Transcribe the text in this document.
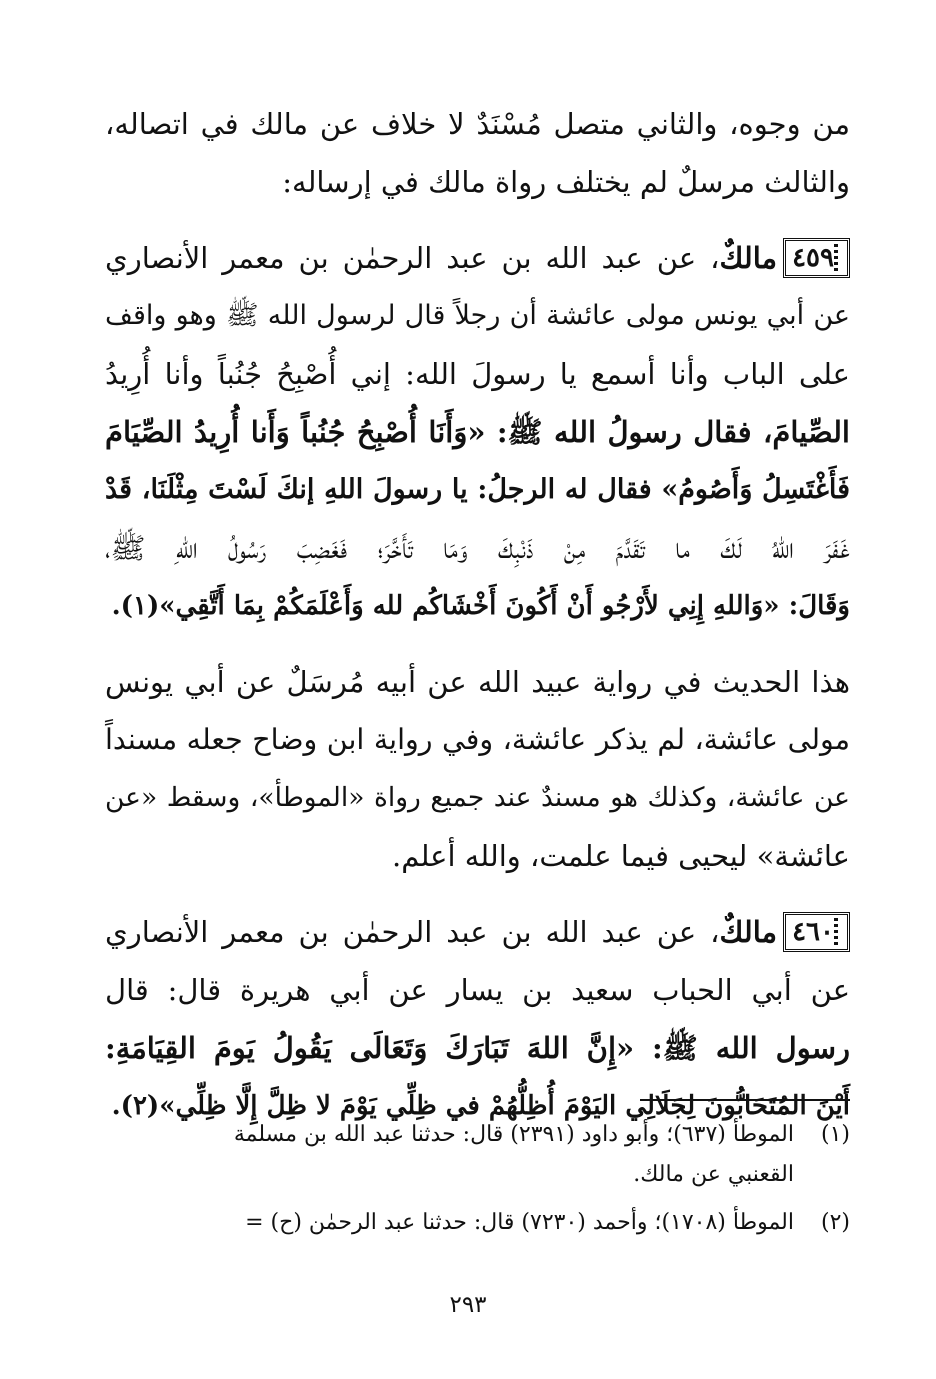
من وجوه، والثاني متصل مُسْنَدٌ لا خلاف عن مالك في اتصاله،
والثالث مرسلٌ لم يختلف رواة مالك في إرساله:

٤٥٩مالكٌ، عن عبد الله بن عبد الرحمٰن بن معمر الأنصاري
عن أبي يونس مولى عائشة أن رجلاً قال لرسول الله ﷺ وهو واقف
على الباب وأنا أسمع يا رسولَ الله: إني أُصْبِحُ جُنُباً وأنا أُرِيدُ
الصِّيامَ، فقال رسولُ الله ﷺ: «وَأَنَا أُصْبِحُ جُنُباً وَأَنا أُرِيدُ الصِّيَامَ
فَأَغْتَسِلُ وَأَصُومُ» فقال له الرجلُ: يا رسولَ اللهِ إنكَ لَسْتَ مِثْلَنَا، قَدْ
غَفَرَ اللهُ لَكَ ما تَقَدَّمَ مِنْ ذَنْبِكَ وَمَا تَأَخَّرَ؛ فَغَضِبَ رَسُولُ اللهِ ﷺ،
وَقَالَ: «وَاللهِ إِنِي لأَرْجُو أَنْ أَكُونَ أَخْشَاكُم لله وَأَعْلَمَكُمْ بِمَا أَتَّقِي»(١).

هذا الحديث في رواية عبيد الله عن أبيه مُرسَلٌ عن أبي يونس
مولى عائشة، لم يذكر عائشة، وفي رواية ابن وضاح جعله مسنداً
عن عائشة، وكذلك هو مسندٌ عند جميع رواة «الموطأ»، وسقط «عن
عائشة» ليحيى فيما علمت، والله أعلم.

٤٦٠مالكٌ، عن عبد الله بن عبد الرحمٰن بن معمر الأنصاري
عن أبي الحباب سعيد بن يسار عن أبي هريرة قال: قال
رسول الله ﷺ: «إِنَّ اللهَ تَبَارَكَ وَتَعَالَى يَقُولُ يَومَ القِيَامَةِ:
أَيْنَ المُتَحَابُّونَ لِجَلَالِي اليَوْمَ أُظِلُّهُمْ في ظِلِّي يَوْمَ لا ظِلَّ إِلَّا ظِلِّي»(٢).

(١)الموطأ (٦٣٧)؛ وأبو داود (٢٣٩١) قال: حدثنا عبد الله بن مسلمة
القعنبي عن مالك.

(٢)الموطأ (١٧٠٨)؛ وأحمد (٧٢٣٠) قال: حدثنا عبد الرحمٰن (ح) =

٢٩٣
